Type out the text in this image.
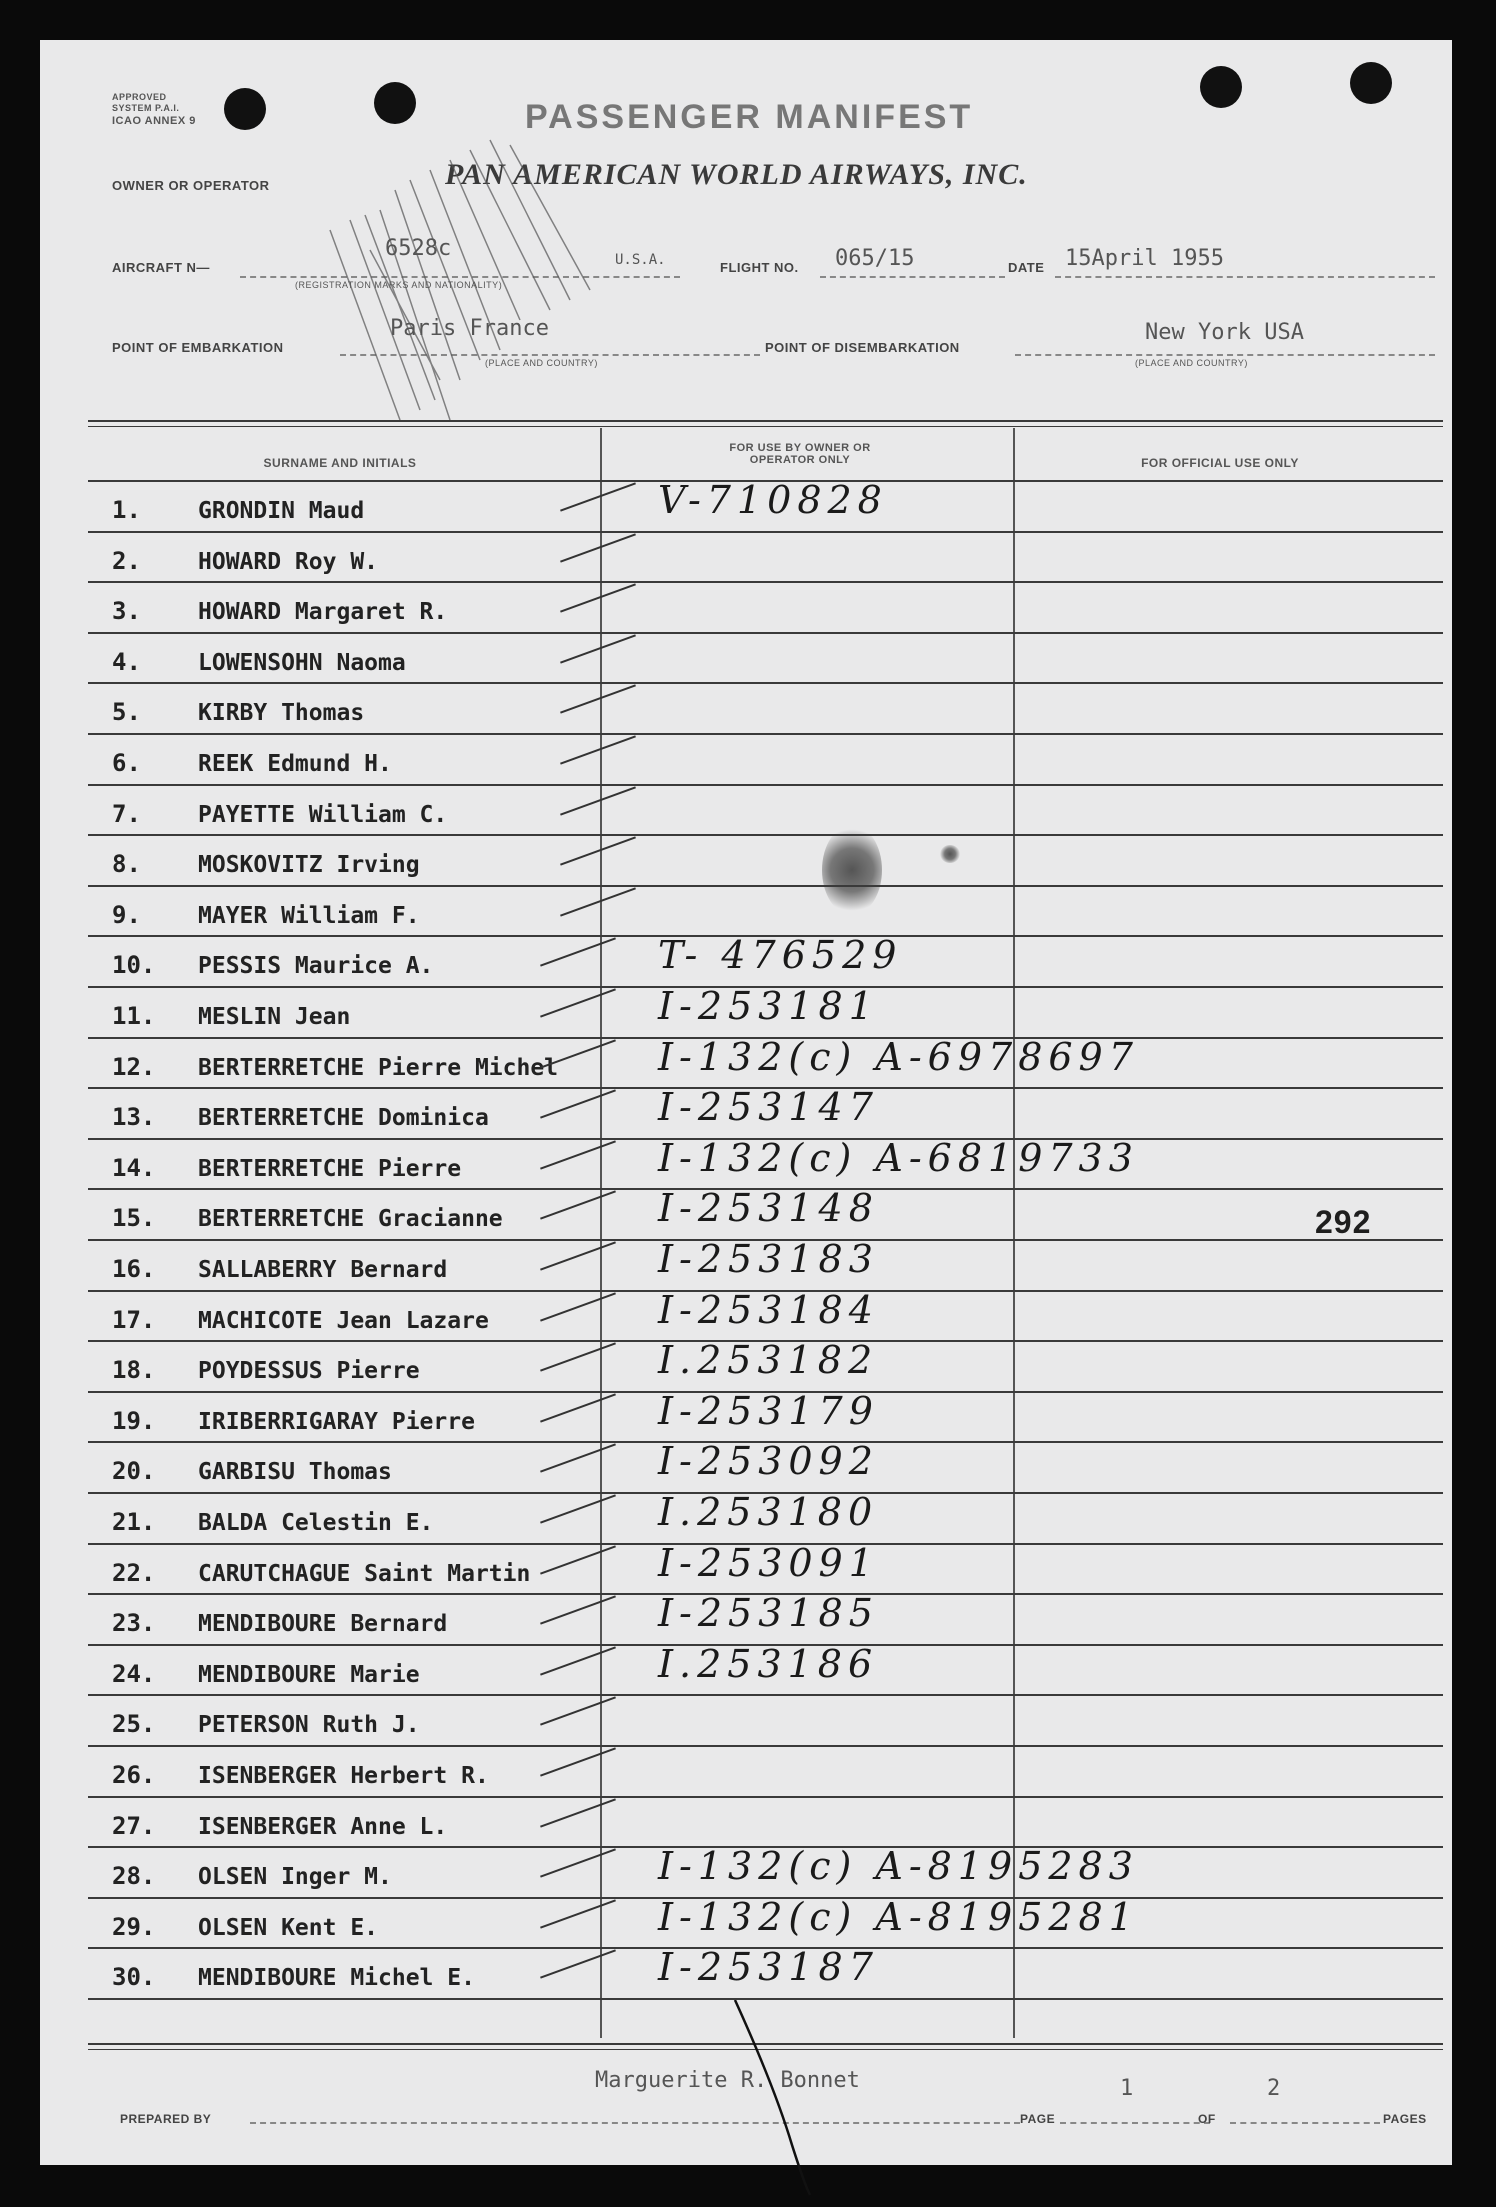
APPROVED
SYSTEM P.A.I.
ICAO ANNEX 9	PASSENGER MANIFEST
OWNER OR OPERATOR	PAN AMERICAN WORLD AIRWAYS, INC.
AIRCRAFT N—
6528c	U.S.A.
(REGISTRATION MARKS AND NATIONALITY)
FLIGHT NO. 065/15	DATE 15April 1955
POINT OF EMBARKATION
Paris France
(PLACE AND COUNTRY)
POINT OF DISEMBARKATION
New York USA
(PLACE AND COUNTRY)
SURNAME AND INITIALS
FOR USE BY OWNER OR OPERATOR ONLY	FOR OFFICIAL USE ONLY
292
Marguerite R. Bonnet
PREPARED BY	PAGE
1
OF
2
PAGES
1.	GRONDIN Maud	V-710828
2.	HOWARD Roy W.
3.	HOWARD Margaret R.
4.	LOWENSOHN Naoma
5.	KIRBY Thomas
6.	REEK Edmund H.
7.	PAYETTE William C.
8.	MOSKOVITZ Irving
9.	MAYER William F.
10. PESSIS Maurice A.	T- 476529
11. MESLIN Jean	I-253181
12. BERTERRETCHE Pierre Michel	I-132(c) A-6978697
13. BERTERRETCHE Dominica	I-253147
14. BERTERRETCHE Pierre	I-132(c) A-6819733
15. BERTERRETCHE Gracianne	I-253148
16. SALLABERRY Bernard	I-253183
17. MACHICOTE Jean Lazare	I-253184
18. POYDESSUS Pierre	I.253182
19. IRIBERRIGARAY Pierre	I-253179
20. GARBISU Thomas	I-253092
21. BALDA Celestin E.	I.253180
22. CARUTCHAGUE Saint Martin	I-253091
23. MENDIBOURE Bernard	I-253185
24. MENDIBOURE Marie	I.253186
25. PETERSON Ruth J.
26. ISENBERGER Herbert R.
27. ISENBERGER Anne L.
28. OLSEN Inger M.	I-132(c) A-8195283
29. OLSEN Kent E.	I-132(c) A-8195281
30. MENDIBOURE Michel E.	I-253187
